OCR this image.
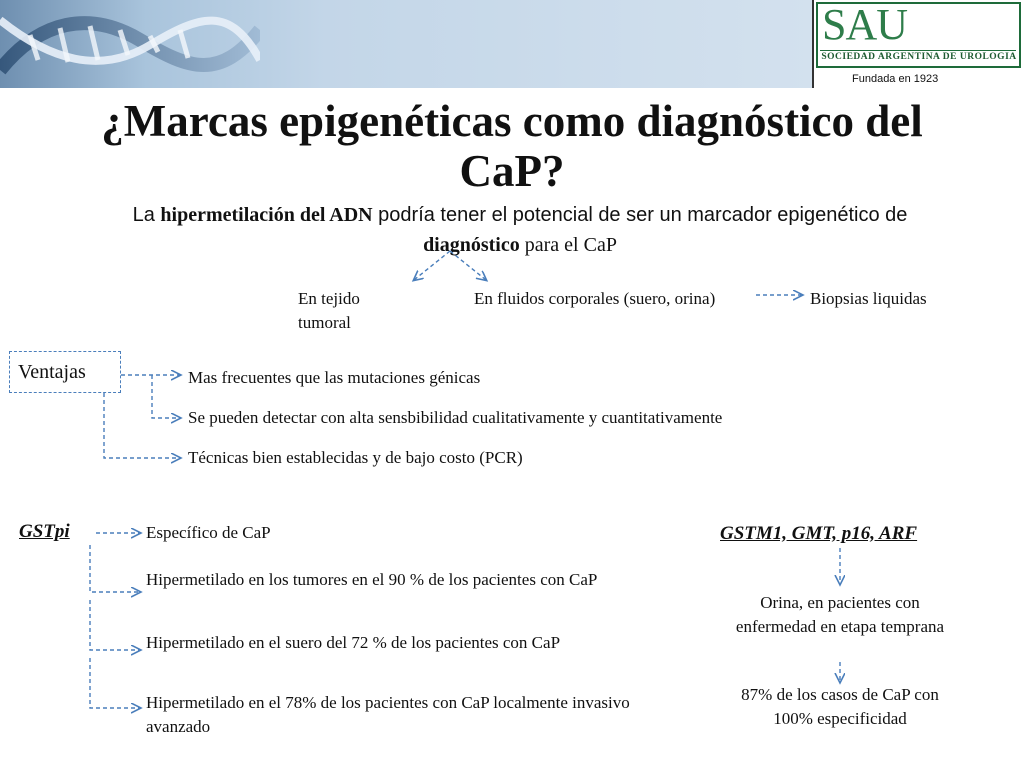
SAU
SOCIEDAD ARGENTINA DE UROLOGIA
Fundada en 1923
¿Marcas epigenéticas como diagnóstico del
CaP?
La hipermetilación del ADN podría tener el potencial de ser un marcador epigenético de
diagnóstico para el CaP
En tejido tumoral
En fluidos corporales (suero, orina)	Biopsias liquidas
Ventajas	Mas frecuentes que las mutaciones génicas
Se pueden detectar con alta sensbibilidad cualitativamente y cuantitativamente
Técnicas bien establecidas y de bajo costo (PCR)
GSTpi	Específico de CaP
Hipermetilado en los tumores en el 90 % de los pacientes con CaP
Hipermetilado en el suero del 72 % de los pacientes con CaP
Hipermetilado en el 78% de los pacientes con CaP localmente invasivo avanzado
GSTM1, GMT, p16, ARF
Orina, en pacientes con enfermedad en etapa temprana
87% de los casos de CaP con 100% especificidad
